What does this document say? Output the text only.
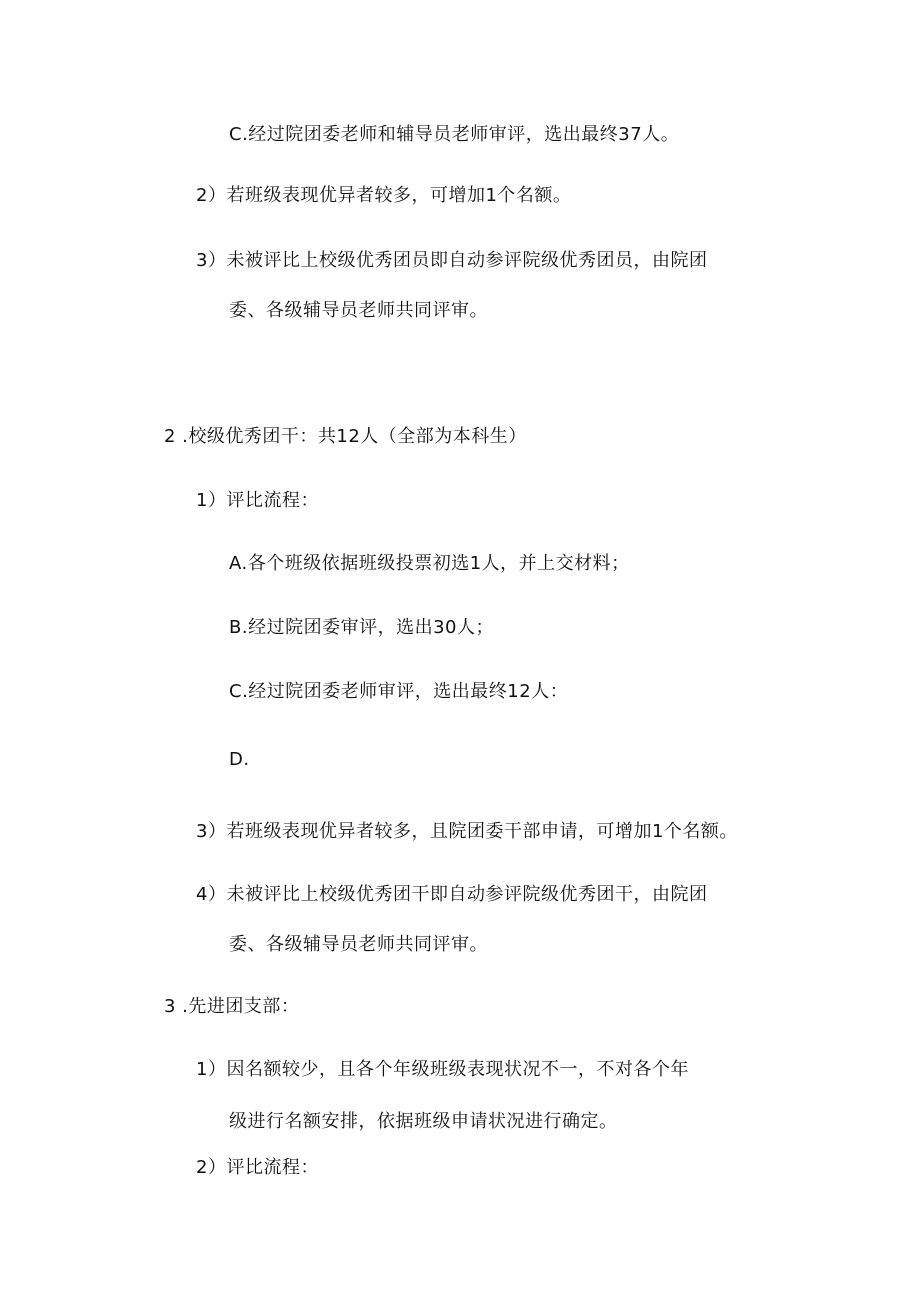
C.经过院团委老师和辅导员老师审评，选出最终37人。
2）若班级表现优异者较多，可增加1个名额。
3）未被评比上校级优秀团员即自动参评院级优秀团员，由院团
委、各级辅导员老师共同评审。
2 .校级优秀团干：共12人（全部为本科生）
1）评比流程：
A.各个班级依据班级投票初选1人，并上交材料；
B.经过院团委审评，选出30人；
C.经过院团委老师审评，选出最终12人：
D.
3）若班级表现优异者较多，且院团委干部申请，可增加1个名额。
4）未被评比上校级优秀团干即自动参评院级优秀团干，由院团
委、各级辅导员老师共同评审。
3 .先进团支部：
1）因名额较少，且各个年级班级表现状况不一，不对各个年
级进行名额安排，依据班级申请状况进行确定。
2）评比流程：
